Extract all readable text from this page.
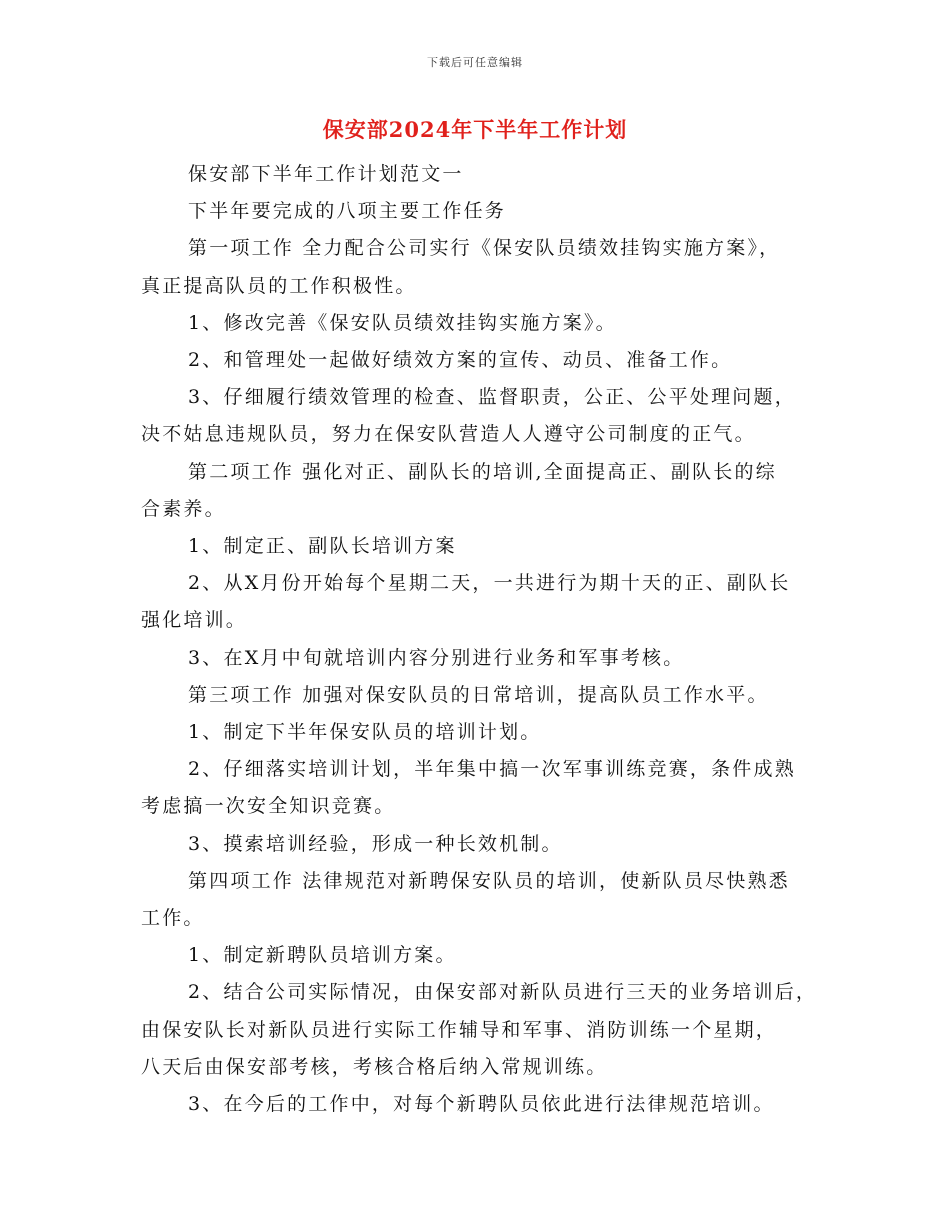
下载后可任意编辑
保安部2024年下半年工作计划

保安部下半年工作计划范文一

下半年要完成的八项主要工作任务

第一项工作 全力配合公司实行《保安队员绩效挂钩实施方案》，
真正提高队员的工作积极性。

1、修改完善《保安队员绩效挂钩实施方案》。

2、和管理处一起做好绩效方案的宣传、动员、准备工作。

3、仔细履行绩效管理的检查、监督职责，公正、公平处理问题，
决不姑息违规队员，努力在保安队营造人人遵守公司制度的正气。

第二项工作 强化对正、副队长的培训,全面提高正、副队长的综
合素养。

1、制定正、副队长培训方案

2、从X月份开始每个星期二天，一共进行为期十天的正、副队长
强化培训。

3、在X月中旬就培训内容分别进行业务和军事考核。

第三项工作 加强对保安队员的日常培训，提高队员工作水平。

1、制定下半年保安队员的培训计划。

2、仔细落实培训计划，半年集中搞一次军事训练竞赛，条件成熟
考虑搞一次安全知识竞赛。

3、摸索培训经验，形成一种长效机制。

第四项工作 法律规范对新聘保安队员的培训，使新队员尽快熟悉
工作。

1、制定新聘队员培训方案。

2、结合公司实际情况，由保安部对新队员进行三天的业务培训后，
由保安队长对新队员进行实际工作辅导和军事、消防训练一个星期，
八天后由保安部考核，考核合格后纳入常规训练。

3、在今后的工作中，对每个新聘队员依此进行法律规范培训。
